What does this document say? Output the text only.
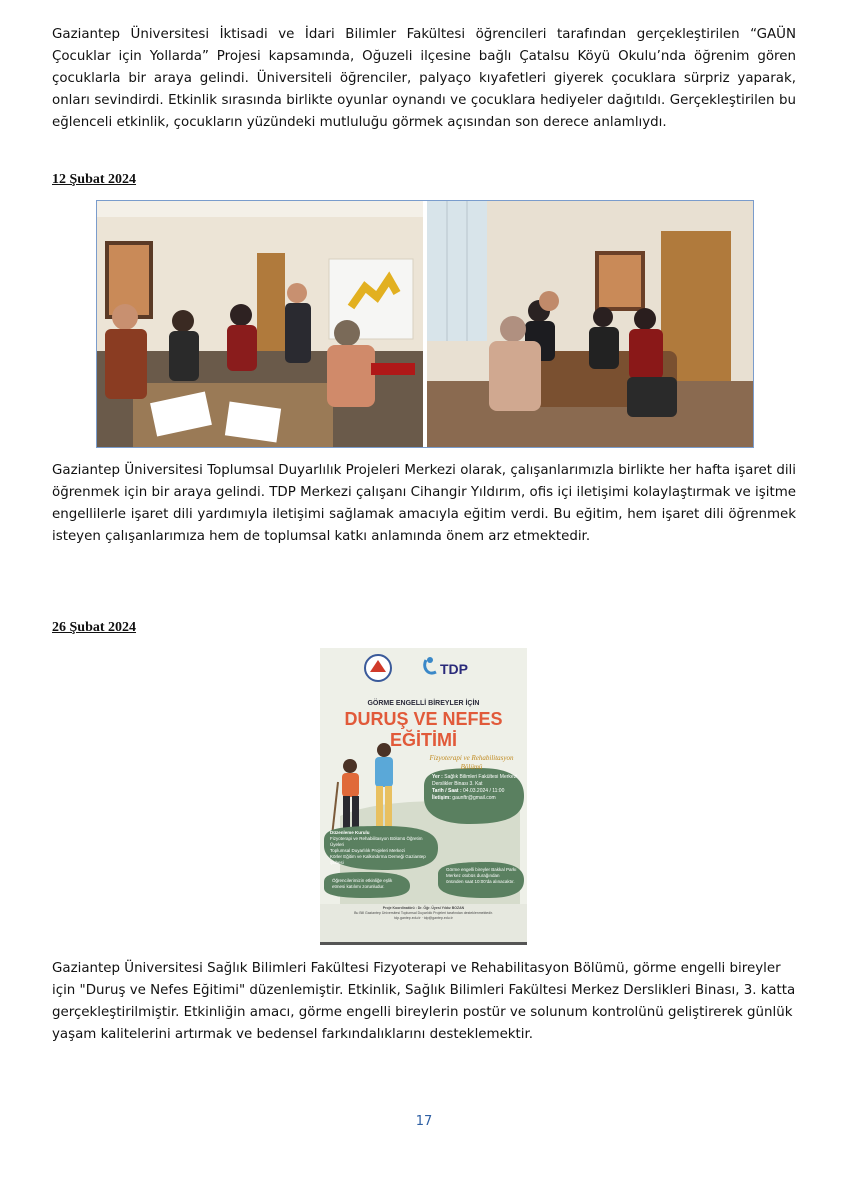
Gaziantep Üniversitesi İktisadi ve İdari Bilimler Fakültesi öğrencileri tarafından gerçekleştirilen “GAÜN Çocuklar için Yollarda” Projesi kapsamında, Oğuzeli ilçesine bağlı Çatalsu Köyü Okulu’nda öğrenim gören çocuklarla bir araya gelindi. Üniversiteli öğrenciler, palyaço kıyafetleri giyerek çocuklara sürpriz yaparak, onları sevindirdi. Etkinlik sırasında birlikte oyunlar oynandı ve çocuklara hediyeler dağıtıldı. Gerçekleştirilen bu eğlenceli etkinlik, çocukların yüzündeki mutluluğu görmek açısından son derece anlamlıydı.

12 Şubat 2024

Gaziantep Üniversitesi Toplumsal Duyarlılık Projeleri Merkezi olarak, çalışanlarımızla birlikte her hafta işaret dili öğrenmek için bir araya gelindi. TDP Merkezi çalışanı Cihangir Yıldırım, ofis içi iletişimi kolaylaştırmak ve işitme engellilerle işaret dili yardımıyla iletişimi sağlamak amacıyla eğitim verdi. Bu eğitim, hem işaret dili öğrenmek isteyen çalışanlarımıza hem de toplumsal katkı anlamında önem arz etmektedir.

26 Şubat 2024

TDP
GÖRME ENGELLİ BİREYLER İÇİN
DURUŞ VE NEFES
EĞİTİMİ
Fizyoterapi ve Rehabilitasyon
Bölümü
Yer : Sağlık Bilimleri Fakültesi Merkezi Derslikler Binası 3. Kat
Tarih / Saat : 04.03.2024 / 11:00
İletişim: gaunftr@gmail.com
Düzenleme Kurulu
Fizyoterapi ve Rehabilitasyon Bölümü Öğretim Üyeleri
Toplumsal Duyarlılık Projeleri Merkezi
Körler Eğitim ve Kalkındırma Derneği Gaziantep Şubesi
Öğrencilerimizin etkinliğe eşlik etmesi katılımı zorunludur.
Görme engelli bireyler Bakkal Parkı Merkez otobüs durağından önünden saat 10:00'da alınacaktır.
Proje Koordinatörü : Dr. Öğr. Üyesi Yıldız BOZAN
Bu Bill Gaziantep Üniversitesi Toplumsal Duyarlılık Projeleri tarafından desteklenmektedir.
tdp.gantep.edu.tr · tdp@gantep.edu.tr

Gaziantep Üniversitesi Sağlık Bilimleri Fakültesi Fizyoterapi ve Rehabilitasyon Bölümü, görme engelli bireyler için "Duruş ve Nefes Eğitimi" düzenlemiştir. Etkinlik, Sağlık Bilimleri Fakültesi Merkez Derslikleri Binası, 3. katta gerçekleştirilmiştir. Etkinliğin amacı, görme engelli bireylerin postür ve solunum kontrolünü geliştirerek günlük yaşam kalitelerini artırmak ve bedensel farkındalıklarını desteklemektir.

17
